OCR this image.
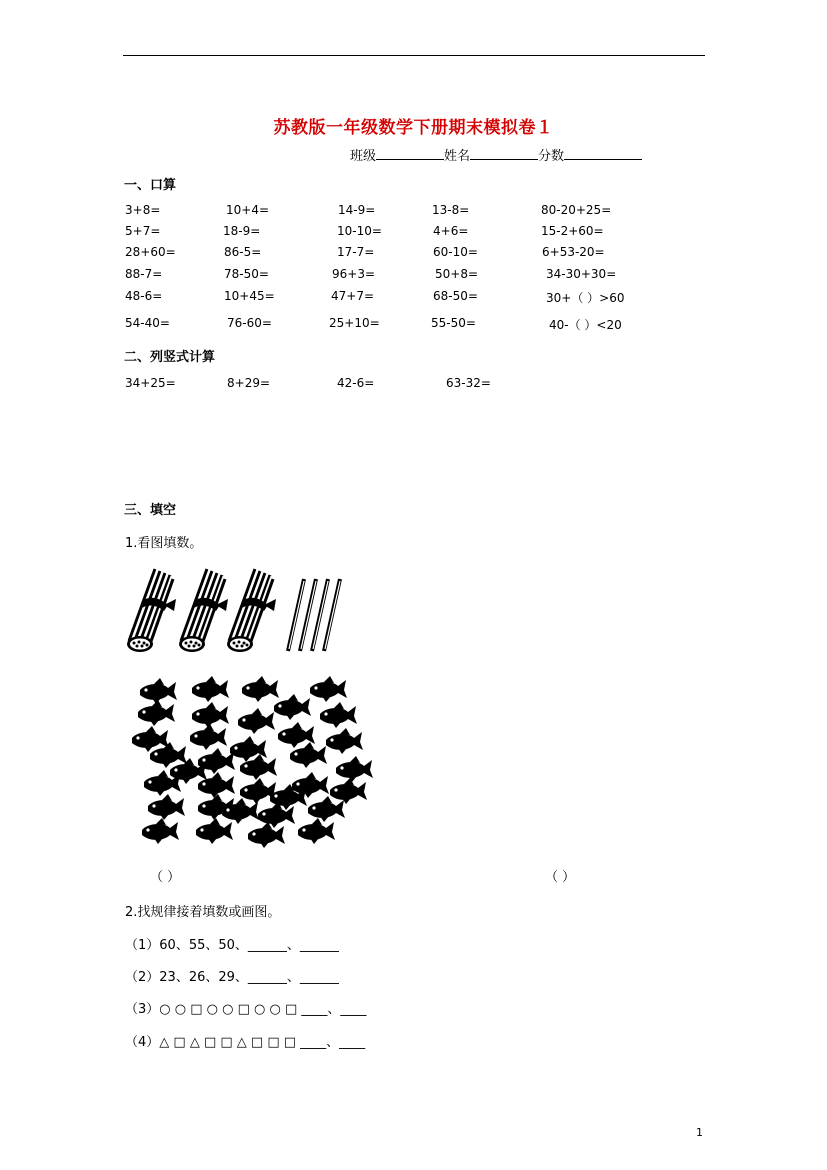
苏教版一年级数学下册期末模拟卷１
班级	姓名	分数
一、口算
3+8=	10+4=	14-9=	13-8=	80-20+25=
5+7=	18-9=	10-10=	4+6=	15-2+60=
28+60=	86-5=	17-7=	60-10=	6+53-20=
88-7=	78-50=	96+3=	50+8=	34-30+30=
48-6=	10+45=	47+7=	68-50=	30+（ ）>60
54-40=	76-60=	25+10=	55-50=	40-（ ）<20
二、列竖式计算
34+25=	8+29=	42-6=	63-32=
三、填空
1.看图填数。
（ ）	（ ）
2.找规律接着填数或画图。
（1）60、55、50、______、______
（2）23、26、29、______、______
（3）○ ○ □ ○ ○ □ ○ ○ □ ____、____
（4）△ □ △ □ □ △ □ □ □ ____、____
1
